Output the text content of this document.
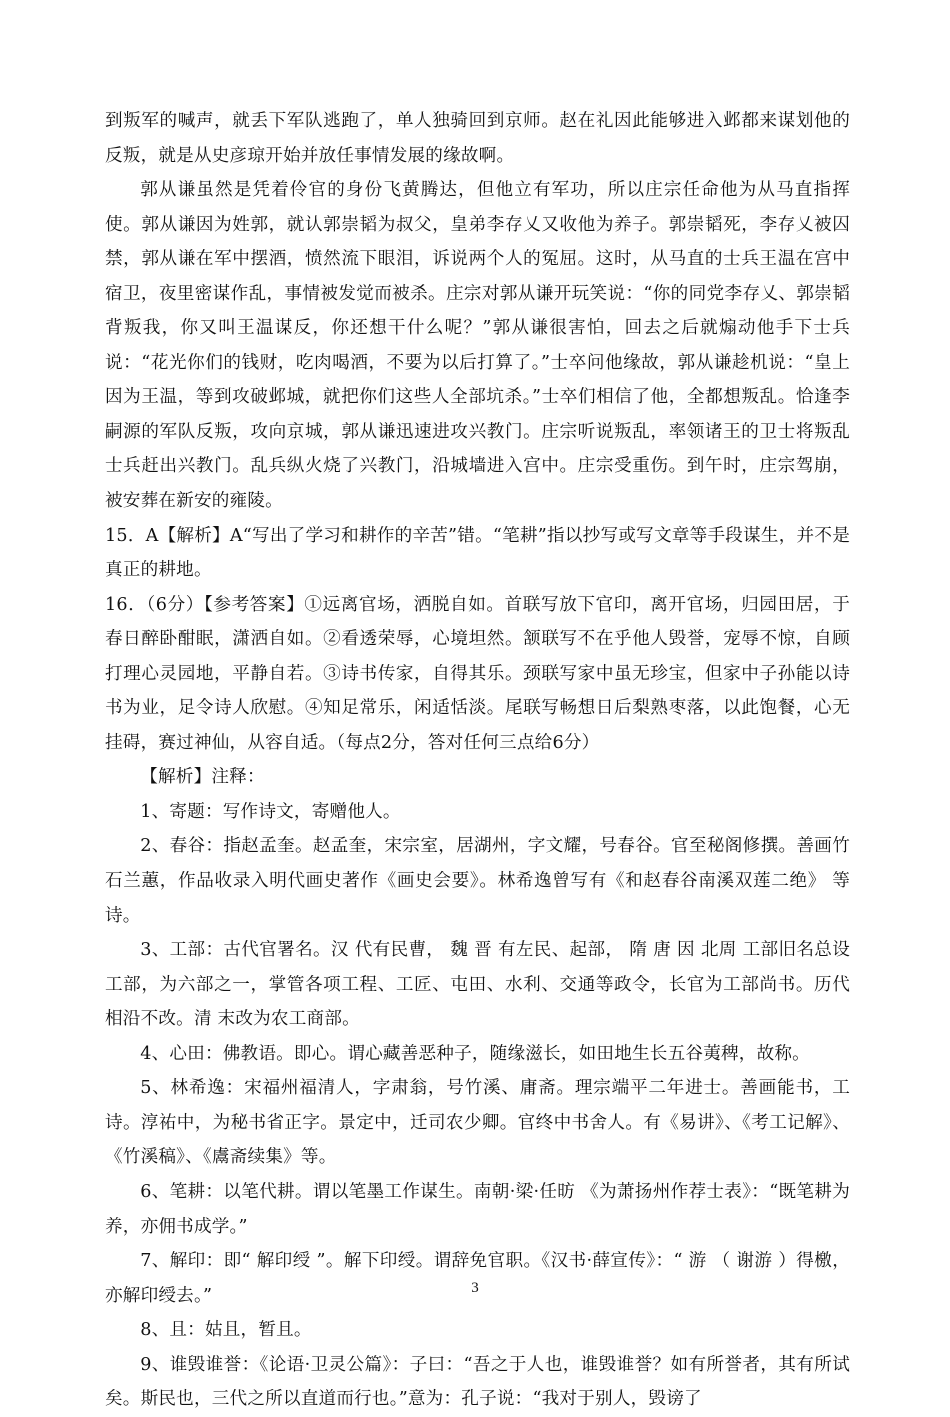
到叛军的喊声，就丢下军队逃跑了，单人独骑回到京师。赵在礼因此能够进入邺都来谋划他的反叛，就是从史彦琼开始并放任事情发展的缘故啊。

郭从谦虽然是凭着伶官的身份飞黄腾达，但他立有军功，所以庄宗任命他为从马直指挥使。郭从谦因为姓郭，就认郭崇韬为叔父，皇弟李存乂又收他为养子。郭崇韬死，李存乂被囚禁，郭从谦在军中摆酒，愤然流下眼泪，诉说两个人的冤屈。这时，从马直的士兵王温在宫中宿卫，夜里密谋作乱，事情被发觉而被杀。庄宗对郭从谦开玩笑说：“你的同党李存乂、郭崇韬背叛我，你又叫王温谋反，你还想干什么呢？”郭从谦很害怕，回去之后就煽动他手下士兵说：“花光你们的钱财，吃肉喝酒，不要为以后打算了。”士卒问他缘故，郭从谦趁机说：“皇上因为王温，等到攻破邺城，就把你们这些人全部坑杀。”士卒们相信了他，全都想叛乱。恰逢李嗣源的军队反叛，攻向京城，郭从谦迅速进攻兴教门。庄宗听说叛乱，率领诸王的卫士将叛乱士兵赶出兴教门。乱兵纵火烧了兴教门，沿城墙进入宫中。庄宗受重伤。到午时，庄宗驾崩，被安葬在新安的雍陵。

15．A【解析】A“写出了学习和耕作的辛苦”错。“笔耕”指以抄写或写文章等手段谋生，并不是真正的耕地。

16．（6分）【参考答案】①远离官场，洒脱自如。首联写放下官印，离开官场，归园田居，于春日醉卧酣眠，潇洒自如。②看透荣辱，心境坦然。颔联写不在乎他人毁誉，宠辱不惊，自顾打理心灵园地，平静自若。③诗书传家，自得其乐。颈联写家中虽无珍宝，但家中子孙能以诗书为业，足令诗人欣慰。④知足常乐，闲适恬淡。尾联写畅想日后梨熟枣落，以此饱餐，心无挂碍，赛过神仙，从容自适。（每点2分，答对任何三点给6分）

【解析】注释：

1、寄题：写作诗文，寄赠他人。

2、春谷：指赵孟奎。赵孟奎，宋宗室，居湖州，字文耀，号春谷。官至秘阁修撰。善画竹石兰蕙，作品收录入明代画史著作《画史会要》。林希逸曾写有《和赵春谷南溪双莲二绝》 等诗。

3、工部：古代官署名。汉 代有民曹， 魏 晋 有左民、起部， 隋 唐 因 北周 工部旧名总设工部，为六部之一，掌管各项工程、工匠、屯田、水利、交通等政令，长官为工部尚书。历代相沿不改。清 末改为农工商部。

4、心田：佛教语。即心。谓心藏善恶种子，随缘滋长，如田地生长五谷荑稗，故称。

5、林希逸：宋福州福清人，字肃翁，号竹溪、庸斋。理宗端平二年进士。善画能书，工诗。淳祐中，为秘书省正字。景定中，迁司农少卿。官终中书舍人。有《易讲》、《考工记解》、《竹溪稿》、《鬳斋续集》等。

6、笔耕：以笔代耕。谓以笔墨工作谋生。南朝·梁·任昉 《为萧扬州作荐士表》：“既笔耕为养，亦佣书成学。”

7、解印：即“ 解印绶 ”。解下印绶。谓辞免官职。《汉书·薛宣传》：“ 游 （ 谢游 ）得檄，亦解印绶去。”

8、且：姑且，暂且。

9、谁毁谁誉：《论语·卫灵公篇》：子曰：“吾之于人也，谁毁谁誉？如有所誉者，其有所试矣。斯民也，三代之所以直道而行也。”意为：孔子说：“我对于别人，毁谤了

3
